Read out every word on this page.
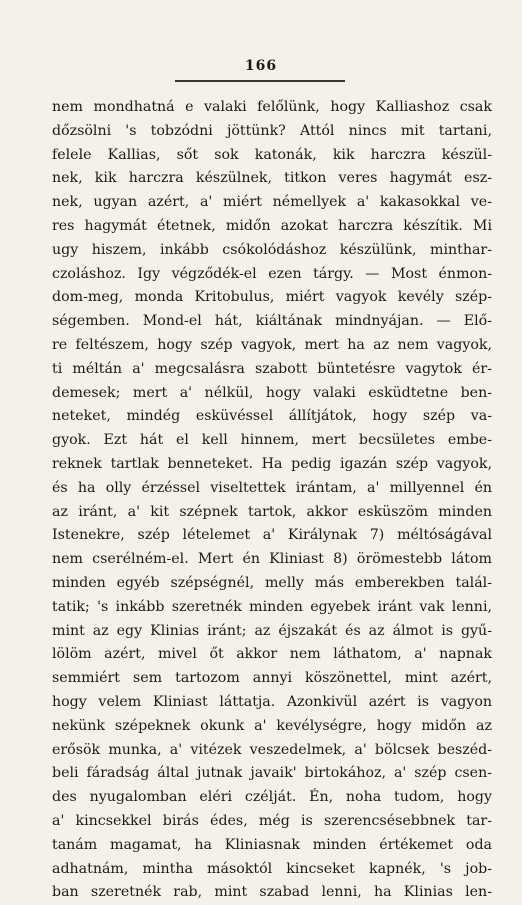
166
nem mondhatná e valaki felőlünk, hogy Kalliashoz csak
dőzsölni 's tobzódni jöttünk? Attól nincs mit tartani,
felele Kallias, sőt sok katonák, kik harczra készül-
nek, kik harczra készülnek, titkon veres hagymát esz-
nek, ugyan azért, a' miért némellyek a' kakasokkal ve-
res hagymát étetnek, midőn azokat harczra készítik. Mi
ugy hiszem, inkább csókolódáshoz készülünk, minthar-
czoláshoz. Igy végződék-el ezen tárgy. — Most énmon-
dom-meg, monda Kritobulus, miért vagyok kevély szép-
ségemben. Mond-el hát, kiáltának mindnyájan. — Elő-
re feltészem, hogy szép vagyok, mert ha az nem vagyok,
ti méltán a' megcsalásra szabott büntetésre vagytok ér-
demesek; mert a' nélkül, hogy valaki esküdtetne ben-
neteket, mindég esküvéssel állítjátok, hogy szép va-
gyok. Ezt hát el kell hinnem, mert becsületes embe-
reknek tartlak benneteket. Ha pedig igazán szép vagyok,
és ha olly érzéssel viseltettek irántam, a' millyennel én
az iránt, a' kit szépnek tartok, akkor esküszöm minden
Istenekre, szép lételemet a' Királynak 7) méltóságával
nem cserélném-el. Mert én Kliniast 8) örömestebb látom
minden egyéb szépségnél, melly más emberekben talál-
tatik; 's inkább szeretnék minden egyebek iránt vak lenni,
mint az egy Klinias iránt; az éjszakát és az álmot is gyű-
lölöm azért, mivel őt akkor nem láthatom, a' napnak
semmiért sem tartozom annyi köszönettel, mint azért,
hogy velem Kliniast láttatja. Azonkivül azért is vagyon
nekünk szépeknek okunk a' kevélységre, hogy midőn az
erősök munka, a' vitézek veszedelmek, a' bölcsek beszéd-
beli fáradság által jutnak javaik' birtokához, a' szép csen-
des nyugalomban eléri czélját. Én, noha tudom, hogy
a' kincsekkel birás édes, még is szerencsésebbnek tar-
tanám magamat, ha Kliniasnak minden értékemet oda
adhatnám, mintha másoktól kincseket kapnék, 's job-
ban szeretnék rab, mint szabad lenni, ha Klinias len-
